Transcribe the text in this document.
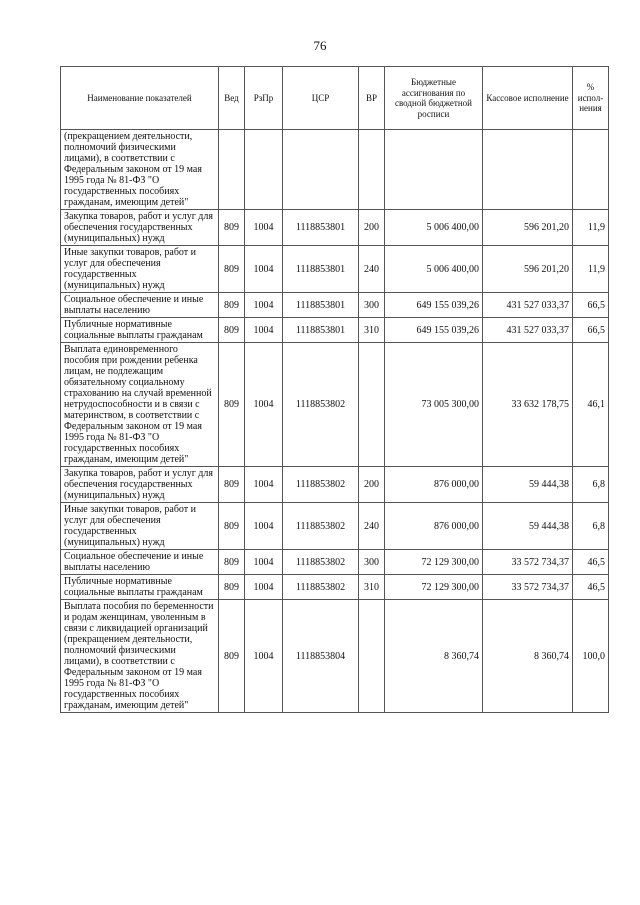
76
Наименование показателей	Вед	РзПр	ЦСР	ВР	Бюджетные ассигнования по сводной бюджетной росписи	Кассовое исполнение	% испол-нения
(прекращением деятельности, полномочий физическими лицами), в соответствии с Федеральным законом от 19 мая 1995 года № 81-ФЗ "О государственных пособиях гражданам, имеющим детей"							
Закупка товаров, работ и услуг для обеспечения государственных (муниципальных) нужд	809	1004	1118853801	200	5 006 400,00	596 201,20	11,9
Иные закупки товаров, работ и услуг для обеспечения государственных (муниципальных) нужд	809	1004	1118853801	240	5 006 400,00	596 201,20	11,9
Социальное обеспечение и иные выплаты населению	809	1004	1118853801	300	649 155 039,26	431 527 033,37	66,5
Публичные нормативные социальные выплаты гражданам	809	1004	1118853801	310	649 155 039,26	431 527 033,37	66,5
Выплата единовременного пособия при рождении ребенка лицам, не подлежащим обязательному социальному страхованию на случай временной нетрудоспособности и в связи с материнством, в соответствии с Федеральным законом от 19 мая 1995 года № 81-ФЗ "О государственных пособиях гражданам, имеющим детей"	809	1004	1118853802		73 005 300,00	33 632 178,75	46,1
Закупка товаров, работ и услуг для обеспечения государственных (муниципальных) нужд	809	1004	1118853802	200	876 000,00	59 444,38	6,8
Иные закупки товаров, работ и услуг для обеспечения государственных (муниципальных) нужд	809	1004	1118853802	240	876 000,00	59 444,38	6,8
Социальное обеспечение и иные выплаты населению	809	1004	1118853802	300	72 129 300,00	33 572 734,37	46,5
Публичные нормативные социальные выплаты гражданам	809	1004	1118853802	310	72 129 300,00	33 572 734,37	46,5
Выплата пособия по беременности и родам женщинам, уволенным в связи с ликвидацией организаций (прекращением деятельности, полномочий физическими лицами), в соответствии с Федеральным законом от 19 мая 1995 года № 81-ФЗ "О государственных пособиях гражданам, имеющим детей"	809	1004	1118853804		8 360,74	8 360,74	100,0
